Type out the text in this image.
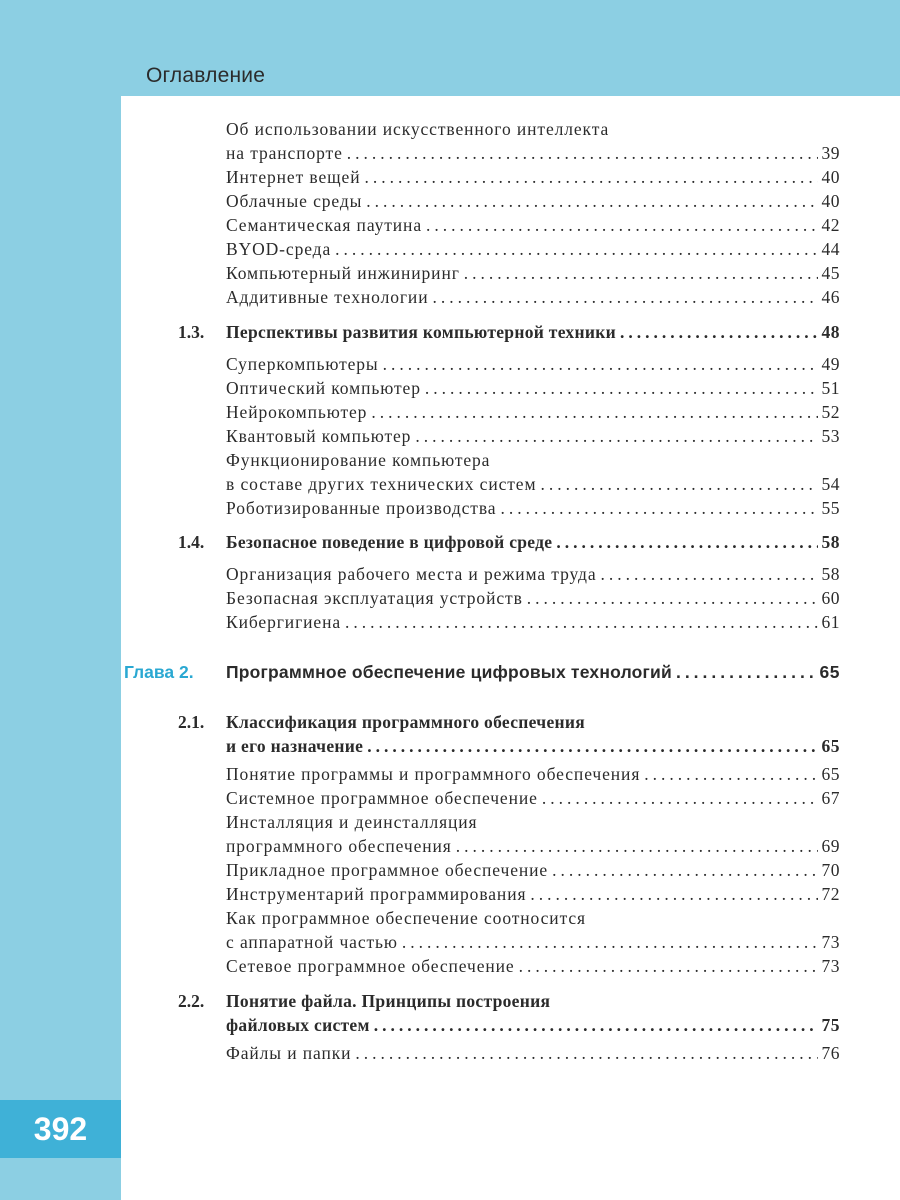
Оглавление
392
Об использовании искусственного интеллекта
на транспорте .....	39
Интернет вещей .....	40
Облачные среды .....	40
Семантическая паутина .....	42
BYOD-среда .....	44
Компьютерный инжиниринг .....	45
Аддитивные технологии .....	46
1.3. Перспективы развития компьютерной техники .....	48
Суперкомпьютеры .....	49
Оптический компьютер .....	51
Нейрокомпьютер .....	52
Квантовый компьютер .....	53
Функционирование компьютера
в составе других технических систем .....	54
Роботизированные производства .....	55
1.4. Безопасное поведение в цифровой среде .....	58
Организация рабочего места и режима труда .....	58
Безопасная эксплуатация устройств .....	60
Кибергигиена .....	61
Глава 2. Программное обеспечение цифровых технологий .....	65
2.1. Классификация программного обеспечения
и его назначение .....	65
Понятие программы и программного обеспечения .....	65
Системное программное обеспечение .....	67
Инсталляция и деинсталляция
программного обеспечения .....	69
Прикладное программное обеспечение .....	70
Инструментарий программирования .....	72
Как программное обеспечение соотносится
с аппаратной частью .....	73
Сетевое программное обеспечение .....	73
2.2. Понятие файла. Принципы построения
файловых систем .....	75
Файлы и папки .....	76
